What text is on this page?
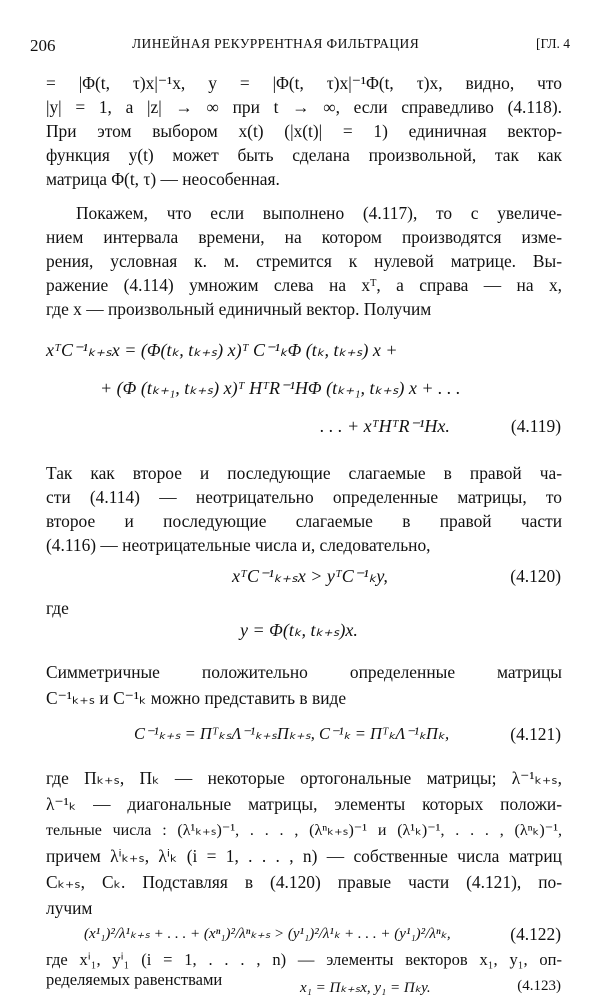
206	ЛИНЕЙНАЯ РЕКУРРЕНТНАЯ ФИЛЬТРАЦИЯ	[ГЛ. 4
= |Φ(t, τ)x|⁻¹x, y = |Φ(t, τ)x|⁻¹Φ(t, τ)x, видно, что
|y| = 1, а |z| → ∞ при t → ∞, если справедливо (4.118).
При этом выбором x(t) (|x(t)| = 1) единичная вектор-
функция y(t) может быть сделана произвольной, так как
матрица Φ(t, τ) — неособенная.
Покажем, что если выполнено (4.117), то с увеличе-
нием интервала времени, на котором производятся изме-
рения, условная к. м. стремится к нулевой матрице. Вы-
ражение (4.114) умножим слева на xᵀ, а справа — на x,
где x — произвольный единичный вектор. Получим
xᵀC⁻¹ₖ₊ₛx = (Φ(tₖ, tₖ₊ₛ) x)ᵀ C⁻¹ₖΦ (tₖ, tₖ₊ₛ) x +
+ (Φ (tₖ₊₁, tₖ₊ₛ) x)ᵀ HᵀR⁻¹HΦ (tₖ₊₁, tₖ₊ₛ) x + . . .
. . . + xᵀHᵀR⁻¹Hx.	(4.119)
Так как второе и последующие слагаемые в правой ча-
сти (4.114) — неотрицательно определенные матрицы, то
второе и последующие слагаемые в правой части
(4.116) — неотрицательные числа и, следовательно,
xᵀC⁻¹ₖ₊ₛx > yᵀC⁻¹ₖy,	(4.120)
где
y = Φ(tₖ, tₖ₊ₛ)x.
Симметричные положительно определенные матрицы
C⁻¹ₖ₊ₛ и C⁻¹ₖ можно представить в виде
C⁻¹ₖ₊ₛ = ΠᵀₖₛΛ⁻¹ₖ₊ₛΠₖ₊ₛ, C⁻¹ₖ = ΠᵀₖΛ⁻¹ₖΠₖ,	(4.121)
где Πₖ₊ₛ, Πₖ — некоторые ортогональные матрицы; λ⁻¹ₖ₊ₛ,
λ⁻¹ₖ — диагональные матрицы, элементы которых положи-
тельные числа : (λ¹ₖ₊ₛ)⁻¹, . . . , (λⁿₖ₊ₛ)⁻¹ и (λ¹ₖ)⁻¹, . . . , (λⁿₖ)⁻¹,
причем λⁱₖ₊ₛ, λⁱₖ (i = 1, . . . , n) — собственные числа матриц
Cₖ₊ₛ, Cₖ. Подставляя в (4.120) правые части (4.121), по-
лучим
(x¹₁)²/λ¹ₖ₊ₛ + . . . + (xⁿ₁)²/λⁿₖ₊ₛ > (y¹₁)²/λ¹ₖ + . . . + (y¹₁)²/λⁿₖ,	(4.122)
где xⁱ₁, yⁱ₁ (i = 1, . . . , n) — элементы векторов x₁, y₁, оп-
ределяемых равенствами	x₁ = Πₖ₊ₛx, y₁ = Πₖy.	(4.123)
